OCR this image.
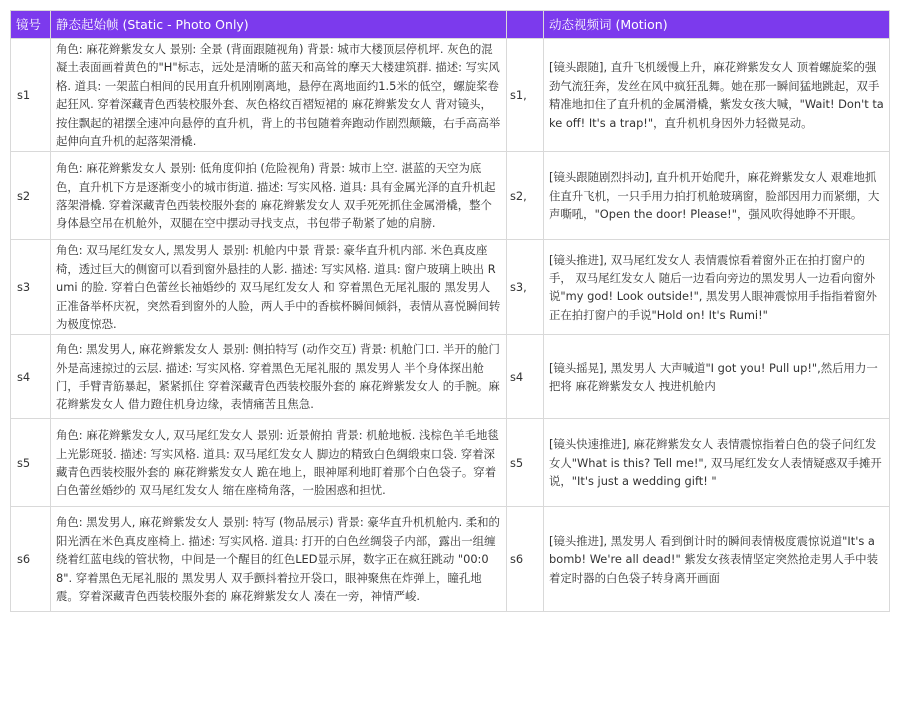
镜号	静态起始帧 (Static - Photo Only)		动态视频词 (Motion)
s1	角色: 麻花辫紫发女人 景别: 全景 (背面跟随视角) 背景: 城市大楼顶层停机坪. 灰色的混凝土表面画着黄色的"H"标志，远处是清晰的蓝天和高耸的摩天大楼建筑群. 描述: 写实风格. 道具: 一架蓝白相间的民用直升机刚刚离地，悬停在离地面约1.5米的低空，螺旋桨卷起狂风. 穿着深藏青色西装校服外套、灰色格纹百褶短裙的 麻花辫紫发女人 背对镜头，按住飘起的裙摆全速冲向悬停的直升机，背上的书包随着奔跑动作剧烈颠簸，右手高高举起伸向直升机的起落架滑橇.	s1,	[镜头跟随], 直升飞机缓慢上升，麻花辫紫发女人 顶着螺旋桨的强劲气流狂奔，发丝在风中疯狂乱舞。她在那一瞬间猛地跳起，双手精准地扣住了直升机的金属滑橇，紫发女孩大喊，"Wait! Don't take off! It's a trap!"，直升机机身因外力轻微晃动。
s2	角色: 麻花辫紫发女人 景别: 低角度仰拍 (危险视角) 背景: 城市上空. 湛蓝的天空为底色，直升机下方是逐渐变小的城市街道. 描述: 写实风格. 道具: 具有金属光泽的直升机起落架滑橇. 穿着深藏青色西装校服外套的 麻花辫紫发女人 双手死死抓住金属滑橇，整个身体悬空吊在机舱外，双腿在空中摆动寻找支点，书包带子勒紧了她的肩膀.	s2,	[镜头跟随剧烈抖动], 直升机开始爬升，麻花辫紫发女人 艰难地抓住直升飞机，一只手用力拍打机舱玻璃窗，脸部因用力而紧绷，大声嘶吼，"Open the door! Please!"，强风吹得她睁不开眼。
s3	角色: 双马尾红发女人, 黑发男人 景别: 机舱内中景 背景: 豪华直升机内部. 米色真皮座椅，透过巨大的侧窗可以看到窗外悬挂的人影. 描述: 写实风格. 道具: 窗户玻璃上映出 Rumi 的脸. 穿着白色蕾丝长袖婚纱的 双马尾红发女人 和 穿着黑色无尾礼服的 黑发男人 正准备举杯庆祝，突然看到窗外的人脸，两人手中的香槟杯瞬间倾斜，表情从喜悦瞬间转为极度惊恐.	s3,	[镜头推进], 双马尾红发女人 表情震惊看着窗外正在拍打窗户的手， 双马尾红发女人 随后一边看向旁边的黑发男人一边看向窗外说"my god! Look outside!", 黑发男人眼神震惊用手指指着窗外正在拍打窗户的手说"Hold on! It's Rumi!"
s4	角色: 黑发男人, 麻花辫紫发女人 景别: 侧拍特写 (动作交互) 背景: 机舱门口. 半开的舱门外是高速掠过的云层. 描述: 写实风格. 穿着黑色无尾礼服的 黑发男人 半个身体探出舱门，手臂青筋暴起，紧紧抓住 穿着深藏青色西装校服外套的 麻花辫紫发女人 的手腕。麻花辫紫发女人 借力蹬住机身边缘，表情痛苦且焦急.	s4	[镜头摇晃], 黑发男人 大声喊道"I got you! Pull up!",然后用力一把将 麻花辫紫发女人 拽进机舱内
s5	角色: 麻花辫紫发女人, 双马尾红发女人 景别: 近景俯拍 背景: 机舱地板. 浅棕色羊毛地毯上光影斑驳. 描述: 写实风格. 道具: 双马尾红发女人 脚边的精致白色绸缎束口袋. 穿着深藏青色西装校服外套的 麻花辫紫发女人 跪在地上，眼神犀利地盯着那个白色袋子。穿着白色蕾丝婚纱的 双马尾红发女人 缩在座椅角落，一脸困惑和担忧.	s5	[镜头快速推进], 麻花辫紫发女人 表情震惊指着白色的袋子问红发女人"What is this? Tell me!", 双马尾红发女人表情疑惑双手摊开说，"It's just a wedding gift! "
s6	角色: 黑发男人, 麻花辫紫发女人 景别: 特写 (物品展示) 背景: 豪华直升机机舱内. 柔和的阳光洒在米色真皮座椅上. 描述: 写实风格. 道具: 打开的白色丝绸袋子内部，露出一组缠绕着红蓝电线的管状物，中间是一个醒目的红色LED显示屏，数字正在疯狂跳动 "00:08". 穿着黑色无尾礼服的 黑发男人 双手颤抖着拉开袋口，眼神聚焦在炸弹上，瞳孔地震。穿着深藏青色西装校服外套的 麻花辫紫发女人 凑在一旁，神情严峻.	s6	[镜头推进], 黑发男人 看到倒计时的瞬间表情极度震惊说道"It's a bomb! We're all dead!" 紫发女孩表情坚定突然抢走男人手中装着定时器的白色袋子转身离开画面
